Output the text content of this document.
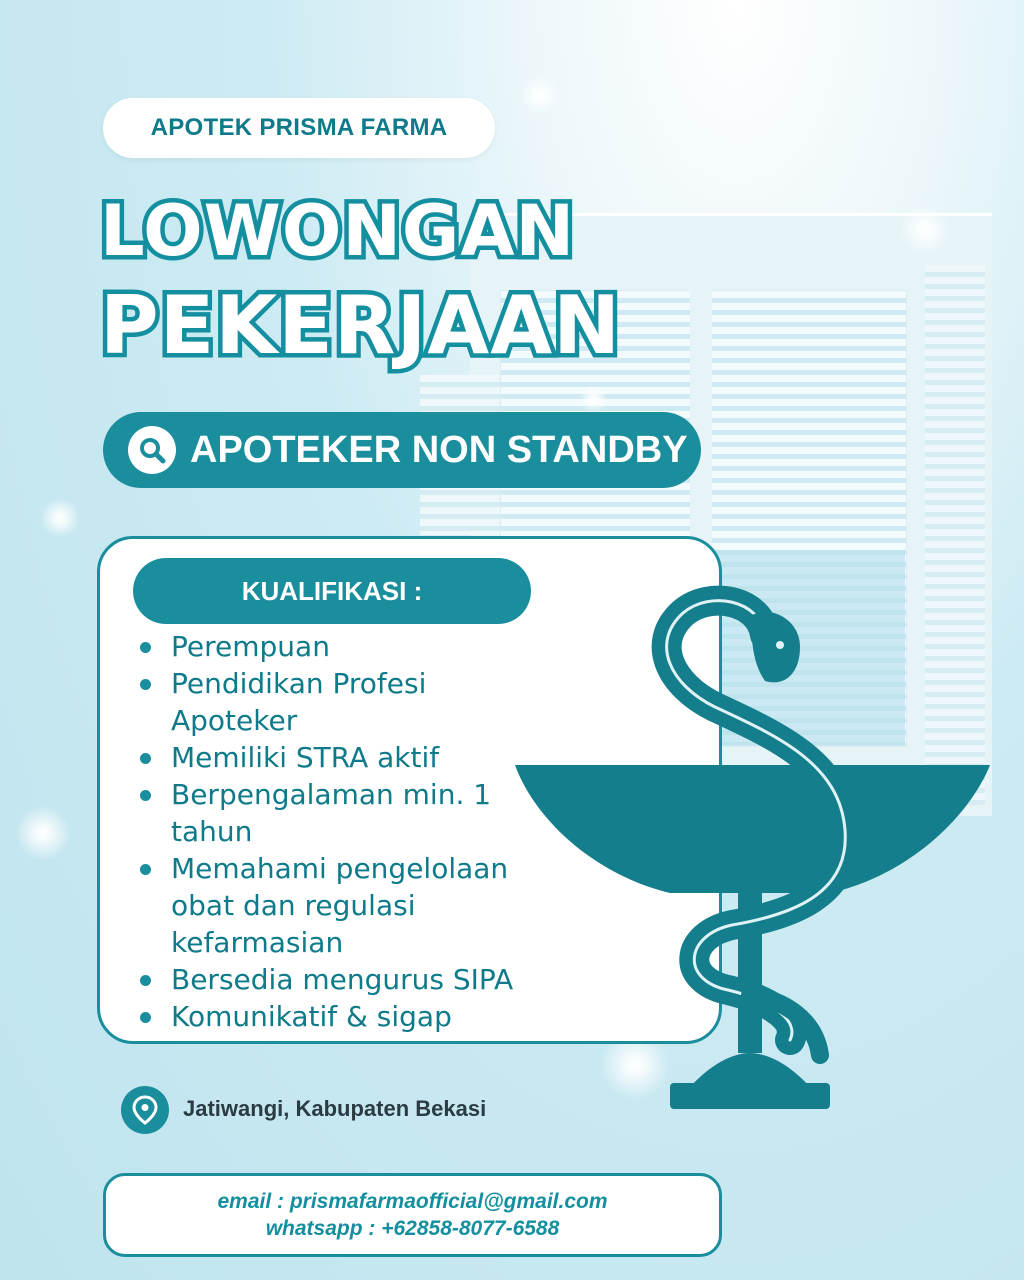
APOTEK PRISMA FARMA
LOWONGAN
PEKERJAAN
APOTEKER NON STANDBY
KUALIFIKASI :
Perempuan
Pendidikan Profesi Apoteker
Memiliki STRA aktif
Berpengalaman min. 1 tahun
Memahami pengelolaan obat dan regulasi kefarmasian
Bersedia mengurus SIPA
Komunikatif & sigap
Jatiwangi, Kabupaten Bekasi
email : prismafarmaofficial@gmail.com
whatsapp : +62858-8077-6588
